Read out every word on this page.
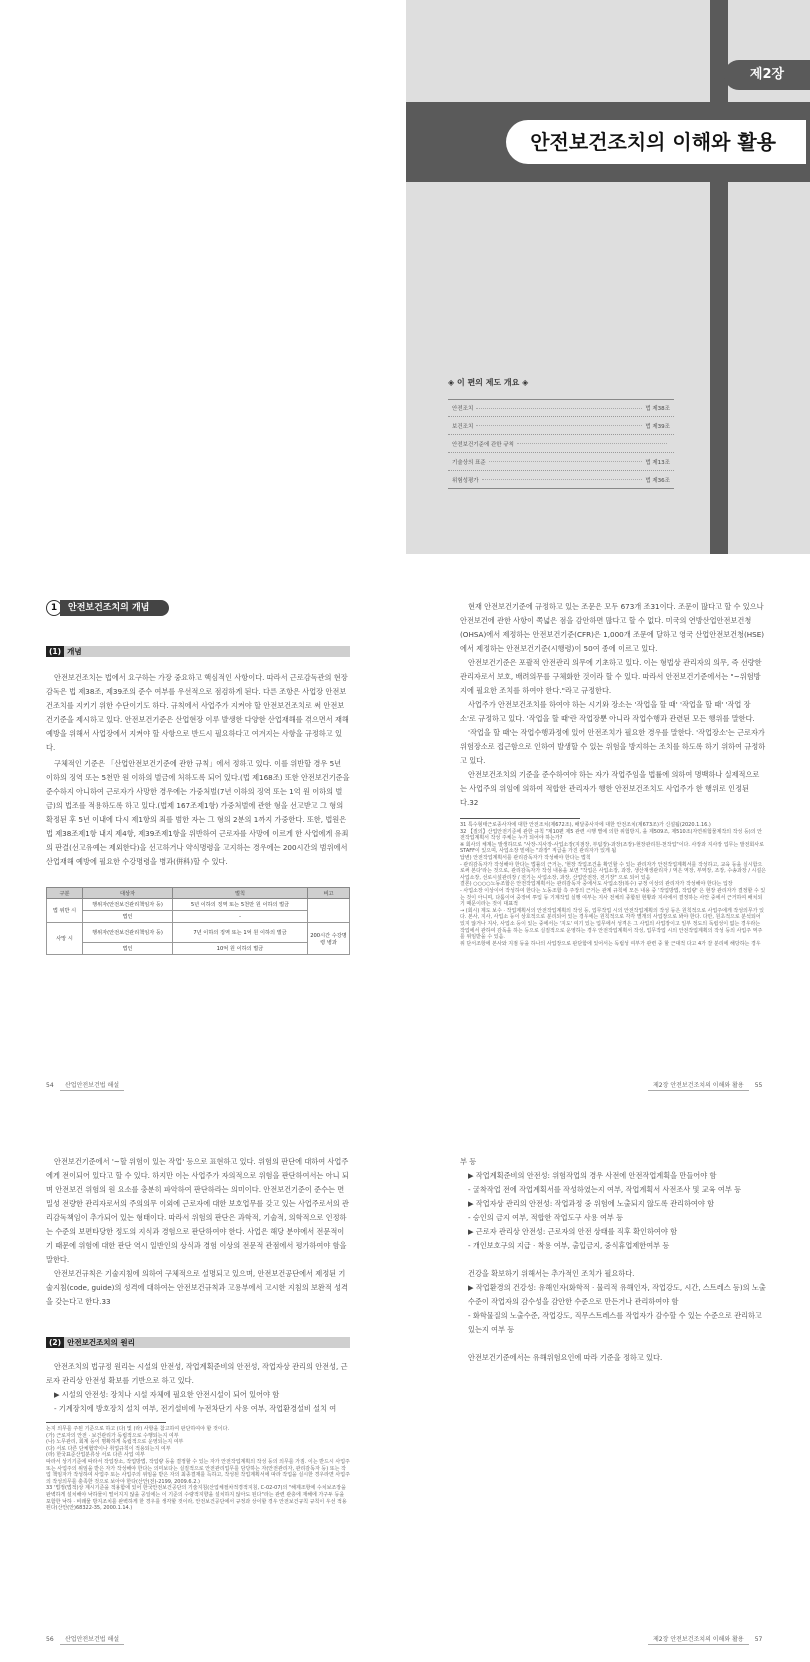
제2장
안전보건조치의 이해와 활용
◈ 이 편의 제도 개요 ◈
안전조치	법 제38조
보건조치	법 제39조
안전보건기준에 관한 규칙
기술상의 표준	법 제13조
위험성평가	법 제36조
1	안전보건조치의 개념
(1) 개념

안전보건조치는 법에서 요구하는 가장 중요하고 핵심적인 사항이다. 따라서 근로감독관의 현장 감독은 법 제38조, 제39조의 준수 여부를 우선적으로 점검하게 된다. 다른 조항은 사업장 안전보건조치를 지키기 위한 수단이기도 하다. 규칙에서 사업주가 지켜야 할 안전보건조치로 써 안전보건기준을 제시하고 있다. 안전보건기준은 산업현장 이루 발생한 다양한 산업재해를 겪으면서 재해예방을 위해서 사업장에서 지켜야 할 사항으로 반드시 필요하다고 여겨지는 사항을 규정하고 있다.

구체적인 기준은 「산업안전보건기준에 관한 규칙」에서 정하고 있다. 이를 위반할 경우 5년 이하의 징역 또는 5천만 원 이하의 벌금에 처하도록 되어 있다.(법 제168조) 또한 안전보건기준을 준수하지 아니하여 근로자가 사망한 경우에는 가중처벌(7년 이하의 징역 또는 1억 원 이하의 벌금)의 법조를 적용하도록 하고 있다.(법제 167조제1항) 가중처벌에 관한 형을 선고받고 그 형의 확정된 후 5년 이내에 다시 제1항의 죄를 범한 자는 그 형의 2분의 1까지 가중한다. 또한, 법원은 법 제38조제1항 내지 제4항, 제39조제1항을 위반하여 근로자를 사망에 이르게 한 사업에게 유죄의 판결(선고유예는 제외한다)을 선고하거나 약식명령을 고지하는 경우에는 200시간의 범위에서 산업재해 예방에 필요한 수강명령을 병과(倂科)할 수 있다.

구분	대상자	벌칙	비고
법 위반 시	행위자(안전보건관리책임자 등)	5년 이하의 징역 또는 5천만 원 이하의 벌금	
	법인	-	
사망 시	행위자(안전보건관리책임자 등)	7년 이하의 징역 또는 1억 원 이하의 벌금	200시간 수강명령 병과
	법인	10억 원 이하의 벌금	
54	산업안전보건법 해설

현재 안전보건기준에 규정하고 있는 조문은 모두 673개 조31이다. 조문이 많다고 할 수 있으나 안전보건에 관한 사항이 쪽넓은 점을 감안하면 많다고 할 수 없다. 미국의 연방산업안전보건청(OHSA)에서 제정하는 안전보건기준(CFR)은 1,000개 조문에 달하고 영국 산업안전보건청(HSE)에서 제정하는 안전보건기준(시행령)이 50여 종에 이르고 있다.

안전보건기준은 포괄적 안전관리 의무에 기초하고 있다. 이는 형법상 관리자의 의무, 즉 선량한 관리자로서 보호, 배려의무를 구체화한 것이라 할 수 있다. 따라서 안전보건기준에서는 "~위험방지에 필요한 조치를 하여야 한다."라고 규정한다.

사업주가 안전보건조치를 하여야 하는 시기와 장소는 '작업을 할 때' '작업을 할 때' '작업 장소'로 규정하고 있다. '작업을 할 때'란 작업장뿐 아니라 작업수행과 관련된 모든 행위를 말한다.

'작업을 할 때'는 작업수행과정에 있어 안전조치가 필요한 경우를 말한다. '작업장소'는 근로자가 위험장소로 접근함으로 인하여 발생할 수 있는 위험을 방지하는 조치를 하도록 하기 위하여 규정하고 있다.

안전보건조치의 기준을 준수하여야 하는 자가 작업주임을 법률에 의하여 명백하나 실제적으로는 사업주의 위임에 의하여 적합한 관리자가 행한 안전보건조치도 사업주가 한 행위로 인정된다.32

31 특수형태근로종사자에 대한 안전조치(제672조), 배달종사자에 대한 안전조치(제673조)가 신설됨(2020.1.16.)
32 【질의】산업안전기준에 관한 규칙 "제10편 제5 관련 시행 별에 의한 위험방지, 을 제509조, 제510조(자연위험물제작의 작성 등)의 안전작업계획서 작성 주체는 누가 되어야 하는가?
※ 회사의 체계는 발생하므로 "사장-지사장-사업소장(지점장, 부팀장)-과장(조장)-현장관리원-천작업"이다. 사장과 지사장 업무는 발전회사로 STAFF이 있으며, 사업소장 밑에는 "과장" 직급을 가진 관리자가 있게 됨
답변) 안전작업계획서를 관리감독자가 작성해야 한다는 법칙
- 관리감독자가 작성해야 한다는 법률의 근거는, '현장 작업조건을 확인할 수 있는 관리자가 안전작업계획서를 작성하고, 교육 등을 실시함으로써 본다'라는 것으로, 관리감독자가 작성 내용을 보면 "작업은 사업소장, 과장, 생산재생관리자 / 역은 역장, 부역장, 조장, 수송과장 / 시설은 사업소장, 선로시설관리장 / 전기는 사업소장, 과장, 산업안전장, 전기장" 으로 되어 있음
결론) ○○○○노동조합은 안전작업계획서는 관리감독자 중에서도 사업소장(복수) 규정 이상의 관리자가 작성해야 한다는 입장
- 사업소장 이상이어 작성하여 한다는 노동조합 측 주장의 근거는 관계 규칙에 모든 내용 중 '작업방법, 작업량' 은 현장 관리자가 결정할 수 있는 것이 아니며, 다툼이어 중장비 투입 등 기계작업 실행 여부는 지사 전체의 종합된 현황과 지사에서 결정하는 사안 중에서 근거하여 배치되기 때문이라는 것이 대표적
→ (회시) 제도 보수 · 작업계획서의 안전작업계획의 작성 등, 업무작업 시의 안전작업계획의 작성 등은 원칙적으로 사업주에게 작성의무가 있다. 본사, 지사, 사업소 등이 상호적으로 분리되어 있는 경우에는 원칙적으로 각각 별개의 사업장으로 봐야 한다. 다만, 원초적으로 분석되어 있지 않거나 지사, 사업소 등이 있는 중에서는 '지도' 여기 있는 업무에서 성격은 그 사업의 사업장이고 일부 정도의 독립성이 없는 경우라는 작업에서 관하여 감독을 하는 등으로 실질적으로 운영하는 경우 안전작업계획서 작성, 업무작업 시의 안전작업계획의 작성 등의 사업주 역주를 위임받을 수 있음.
위 단서조항에 본사와 지점 등을 하나의 사업장으로 판단함에 있어서는 독립성 여부가 관련 중 할 근대적 다고 4가 잘 분리에 해당하는 경우
제2장 안전보건조치의 이해와 활용	55

안전보건기준에서 '~할 위험이 있는 작업' 등으로 표현하고 있다. 위험의 판단에 대하여 사업주에게 전이되어 있다고 할 수 있다. 하지만 이는 사업주가 자의적으로 위험을 판단하여서는 아니 되며 안전보건 위험의 원 요소를 충분히 파악하여 판단하라는 의미이다. 안전보건기준이 준수는 면밀성 전량한 관리자로서의 주의의무 이외에 근로자에 대한 보호업무를 갖고 있는 사업주로서의 관리감독책임이 추가되어 있는 형태이다. 따라서 위험의 판단은 과학적, 기술적, 의학적으로 인정하는 수준의 보편타당한 정도의 지식과 경험으로 판단하여야 한다. 사업은 해당 분야에서 전문적이기 때문에 위험에 대한 판단 역시 일반인의 상식과 경험 이상의 전문적 관점에서 평가하여야 함을 말한다.

안전보건규칙은 기술지침에 의하여 구체적으로 설명되고 있으며, 안전보건공단에서 제정된 기술지침(code, guide)의 성격에 대하여는 안전보건규칙과 고용부에서 고시한 지침의 보완적 성격을 갖는다고 한다.33

(2) 안전보건조치의 원리

안전조치의 법규정 원리는 시설의 안전성, 작업계획준비의 안전성, 작업자상 관리의 안전성, 근로자 관리상 안전성 확보를 기반으로 하고 있다.

▶ 시설의 안전성: 장치나 시설 자체에 필요한 안전시설이 되어 있어야 함
- 기계장치에 방호장치 설치 여부, 전기설비에 누전차단기 사용 여부, 작업환경설비 설치 여
논지 의무를 주된 기준으로 하고 (다) 및 (라) 사항을 참고하여 판단하여야 할 것이다.
(가) 근로자의 안전 · 보건관리가 독립적으로 수행되는지 여부
(나) 노무관리, 회계 등이 명확하게 독립적으로 운영되는지 여부
(다) 서로 다른 단체협약이나 취업규칙이 적용되는지 여부
(라) 한국표준산업분류상 서로 다른 사업 여부
따라서 상기기준에 따라서 작업장소, 작업방법, 작업량 등을 결정할 수 있는 자가 안전작업계획의 작성 등의 의무를 가짐. 이는 반드시 사업주 또는 사업주의 위임을 받은 자가 작성해야 한다는 의미보다는 실질적으로 안전관리업무를 담당하는 자(안전관리자, 관리감독자 등) 또는 작업 책임자가 작성하여 사업주 또는 사업주의 위임을 받은 자의 최종결재를 득하고, 작성된 작업계획서에 따라 작업을 실시한 경우라면 사업주의 작성의무를 충족한 것으로 보아야 한다(산안(전)-2199, 2009.6.2.)
33 '법정(법적)상 계시기준을 적용함에 있어 한국안전보건공단의 기술지침(산업체절차적경적지침, C-02-07)의 "해제조항에 수치보조장을 완벽하게 설치해야 낙하물이 떨어지지 않을 공일에는 이 기준의 수량적지향을 설치하지 않아도 된다"라는 관련 관층에 재해에 가구두 등을 포함한 낙하 · 비래물 방지조치를 완벽하게 한 경우를 생각할 것이라, 안전보건공단에서 규정과 상이할 경우 안전보건규칙 규칙이 우선 적용된다(산안(안)68322-35, 2000.1.14.)
56	산업안전보건법 해설
부 등
▶ 작업계획준비의 안전성: 위험작업의 경우 사전에 안전작업계획을 만들어야 함
- 굴착작업 전에 작업계획서를 작성하였는지 여부, 작업계획서 사전조사 및 교육 여부 등
▶ 작업자상 관리의 안전성: 작업과정 중 위험에 노출되지 않도록 관리하여야 함
- 승인의 금지 여부, 적합한 작업도구 사용 여부 등
▶ 근로자 관리상 안전성: 근로자의 안전 상태를 직후 확인하여야 함
- 개인보호구의 지급 · 착용 여부, 출입금지, 중식휴업제한여부 등

건강을 확보하기 위해서는 추가적인 조치가 필요하다.

▶ 작업환경의 건강성: 유해인자(화학적 · 물리적 유해인자, 작업강도, 시간, 스트레스 등)의 노출수준이 작업자의 감수성을 감안한 수준으로 만든거나 관리하여야 함
- 화학물질의 노출수준, 작업강도, 직무스트레스를 작업자가 감수할 수 있는 수준으로 관리하고 있는지 여부 등

안전보건기준에서는 유해위험요인에 따라 기준을 정하고 있다.

제2장 안전보건조치의 이해와 활용	57
